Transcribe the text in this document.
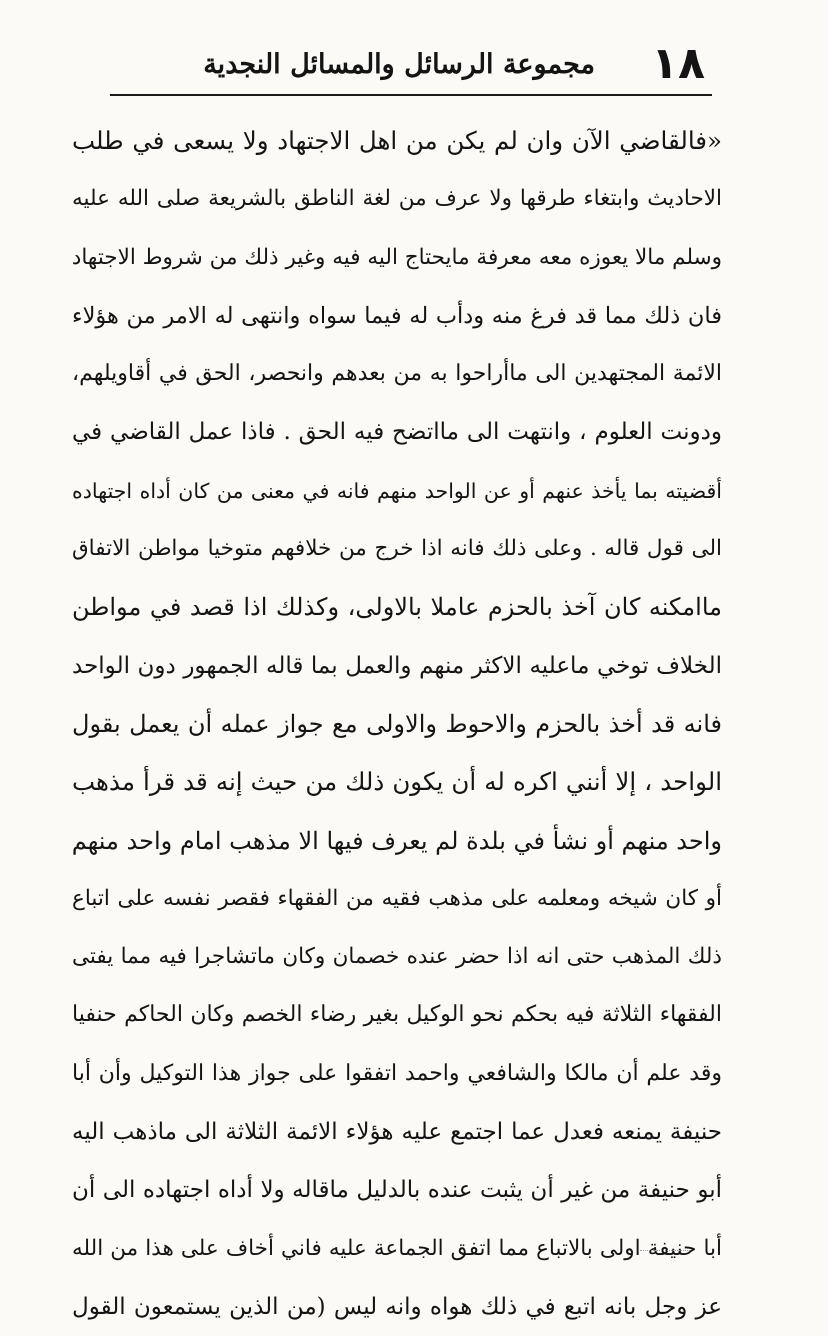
١٨
مجموعة الرسائل والمسائل النجدية
«فالقاضي الآن وان لم يكن من اهل الاجتهاد ولا يسعى في طلب
الاحاديث وابتغاء طرقها ولا عرف من لغة الناطق بالشريعة صلى الله عليه
وسلم مالا يعوزه معه معرفة مايحتاج اليه فيه وغير ذلك من شروط الاجتهاد
فان ذلك مما قد فرغ منه ودأب له فيما سواه وانتهى له الامر من هؤلاء
الائمة المجتهدين الى ماأراحوا به من بعدهم وانحصر، الحق في أقاويلهم،
ودونت العلوم ، وانتهت الى مااتضح فيه الحق . فاذا عمل القاضي في
أقضيته بما يأخذ عنهم أو عن الواحد منهم فانه في معنى من كان أداه اجتهاده
الى قول قاله . وعلى ذلك فانه اذا خرج من خلافهم متوخيا مواطن الاتفاق
ماامكنه كان آخذ بالحزم عاملا بالاولى، وكذلك اذا قصد في مواطن
الخلاف توخي ماعليه الاكثر منهم والعمل بما قاله الجمهور دون الواحد
فانه قد أخذ بالحزم والاحوط والاولى مع جواز عمله أن يعمل بقول
الواحد ، إلا أنني اكره له أن يكون ذلك من حيث إنه قد قرأ مذهب
واحد منهم أو نشأ في بلدة لم يعرف فيها الا مذهب امام واحد منهم
أو كان شيخه ومعلمه على مذهب فقيه من الفقهاء فقصر نفسه على اتباع
ذلك المذهب حتى انه اذا حضر عنده خصمان وكان ماتشاجرا فيه مما يفتى
الفقهاء الثلاثة فيه بحكم نحو الوكيل بغير رضاء الخصم وكان الحاكم حنفيا
وقد علم أن مالكا والشافعي واحمد اتفقوا على جواز هذا التوكيل وأن أبا
حنيفة يمنعه فعدل عما اجتمع عليه هؤلاء الائمة الثلاثة الى ماذهب اليه
أبو حنيفة من غير أن يثبت عنده بالدليل ماقاله ولا أداه اجتهاده الى أن
أبا حنيفة اولى بالاتباع مما اتفق الجماعة عليه فاني أخاف على هذا من الله
عز وجل بانه اتبع في ذلك هواه وانه ليس (من الذين يستمعون القول
